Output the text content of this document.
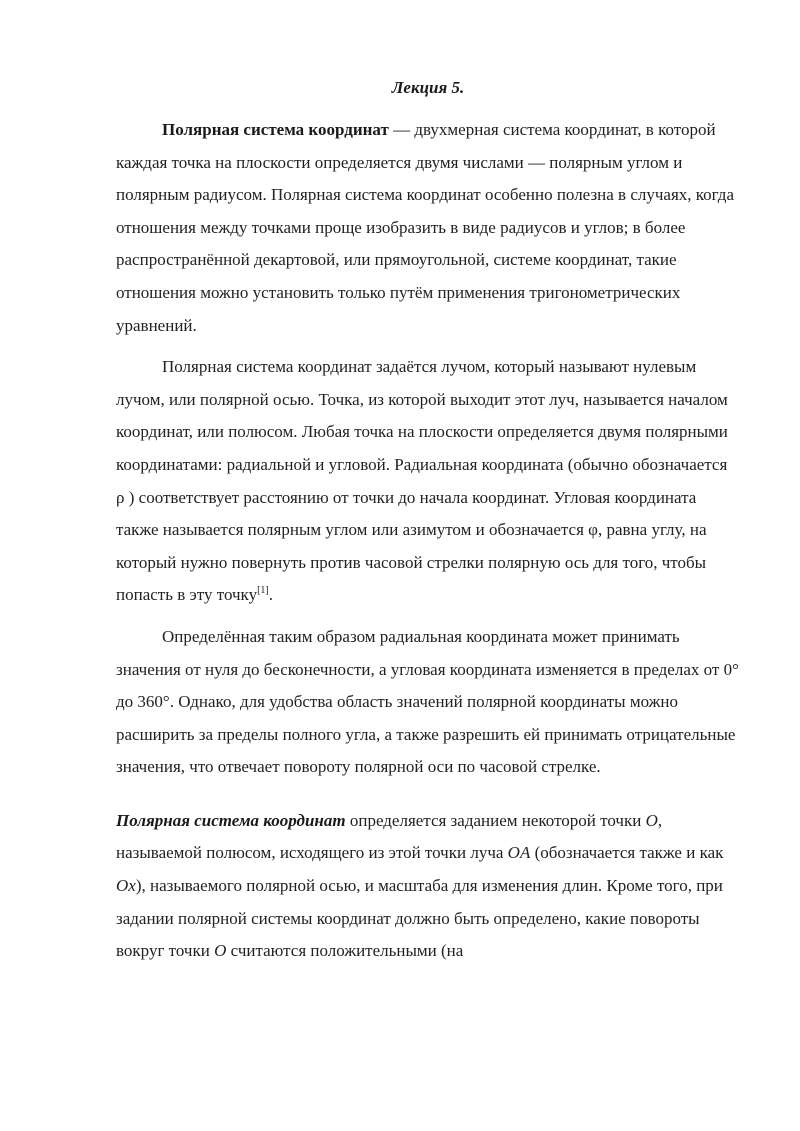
Лекция 5.

Полярная система координат — двухмерная система координат, в которой каждая точка на плоскости определяется двумя числами — полярным углом и полярным радиусом. Полярная система координат особенно полезна в случаях, когда отношения между точками проще изобразить в виде радиусов и углов; в более распространённой декартовой, или прямоугольной, системе координат, такие отношения можно установить только путём применения тригонометрических уравнений.

Полярная система координат задаётся лучом, который называют нулевым лучом, или полярной осью. Точка, из которой выходит этот луч, называется началом координат, или полюсом. Любая точка на плоскости определяется двумя полярными координатами: радиальной и угловой. Радиальная координата (обычно обозначается ρ ) соответствует расстоянию от точки до начала координат. Угловая координата также называется полярным углом или азимутом и обозначается φ, равна углу, на который нужно повернуть против часовой стрелки полярную ось для того, чтобы попасть в эту точку[1].

Определённая таким образом радиальная координата может принимать значения от нуля до бесконечности, а угловая координата изменяется в пределах от 0° до 360°. Однако, для удобства область значений полярной координаты можно расширить за пределы полного угла, а также разрешить ей принимать отрицательные значения, что отвечает повороту полярной оси по часовой стрелке.

Полярная система координат определяется заданием некоторой точки O, называемой полюсом, исходящего из этой точки луча OA (обозначается также и как Ox), называемого полярной осью, и масштаба для изменения длин. Кроме того, при задании полярной системы координат должно быть определено, какие повороты вокруг точки O считаются положительными (на
